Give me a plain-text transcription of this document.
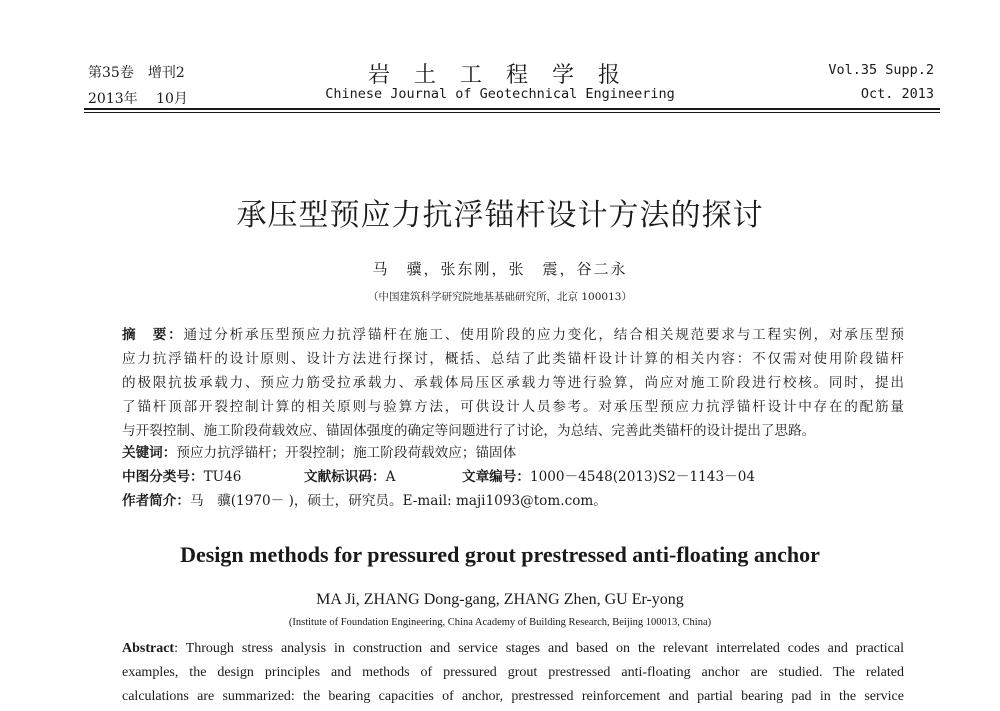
第35卷　增刊2
2013年　 10月
岩土工程学报
Chinese Journal of Geotechnical Engineering
Vol.35 Supp.2
Oct. 2013
承压型预应力抗浮锚杆设计方法的探讨
马　骥，张东刚，张　震，谷二永
（中国建筑科学研究院地基基础研究所，北京 100013）
摘　要：通过分析承压型预应力抗浮锚杆在施工、使用阶段的应力变化，结合相关规范要求与工程实例，对承压型预
应力抗浮锚杆的设计原则、设计方法进行探讨，概括、总结了此类锚杆设计计算的相关内容：不仅需对使用阶段锚杆
的极限抗拔承载力、预应力筋受拉承载力、承载体局压区承载力等进行验算，尚应对施工阶段进行校核。同时，提出
了锚杆顶部开裂控制计算的相关原则与验算方法，可供设计人员参考。对承压型预应力抗浮锚杆设计中存在的配筋量
与开裂控制、施工阶段荷载效应、锚固体强度的确定等问题进行了讨论，为总结、完善此类锚杆的设计提出了思路。
关键词：预应力抗浮锚杆；开裂控制；施工阶段荷载效应；锚固体
中图分类号：TU46	文献标识码：A	文章编号：1000－4548(2013)S2－1143－04
作者简介：马　骥(1970－ )，硕士，研究员。E-mail: maji1093@tom.com。
Design methods for pressured grout prestressed anti-floating anchor
MA Ji, ZHANG Dong-gang, ZHANG Zhen, GU Er-yong
(Institute of Foundation Engineering, China Academy of Building Research, Beijing 100013, China)
Abstract: Through stress analysis in construction and service stages and based on the relevant interrelated codes and practical
examples, the design principles and methods of pressured grout prestressed anti-floating anchor are studied. The related
calculations are summarized: the bearing capacities of anchor, prestressed reinforcement and partial bearing pad in the service
